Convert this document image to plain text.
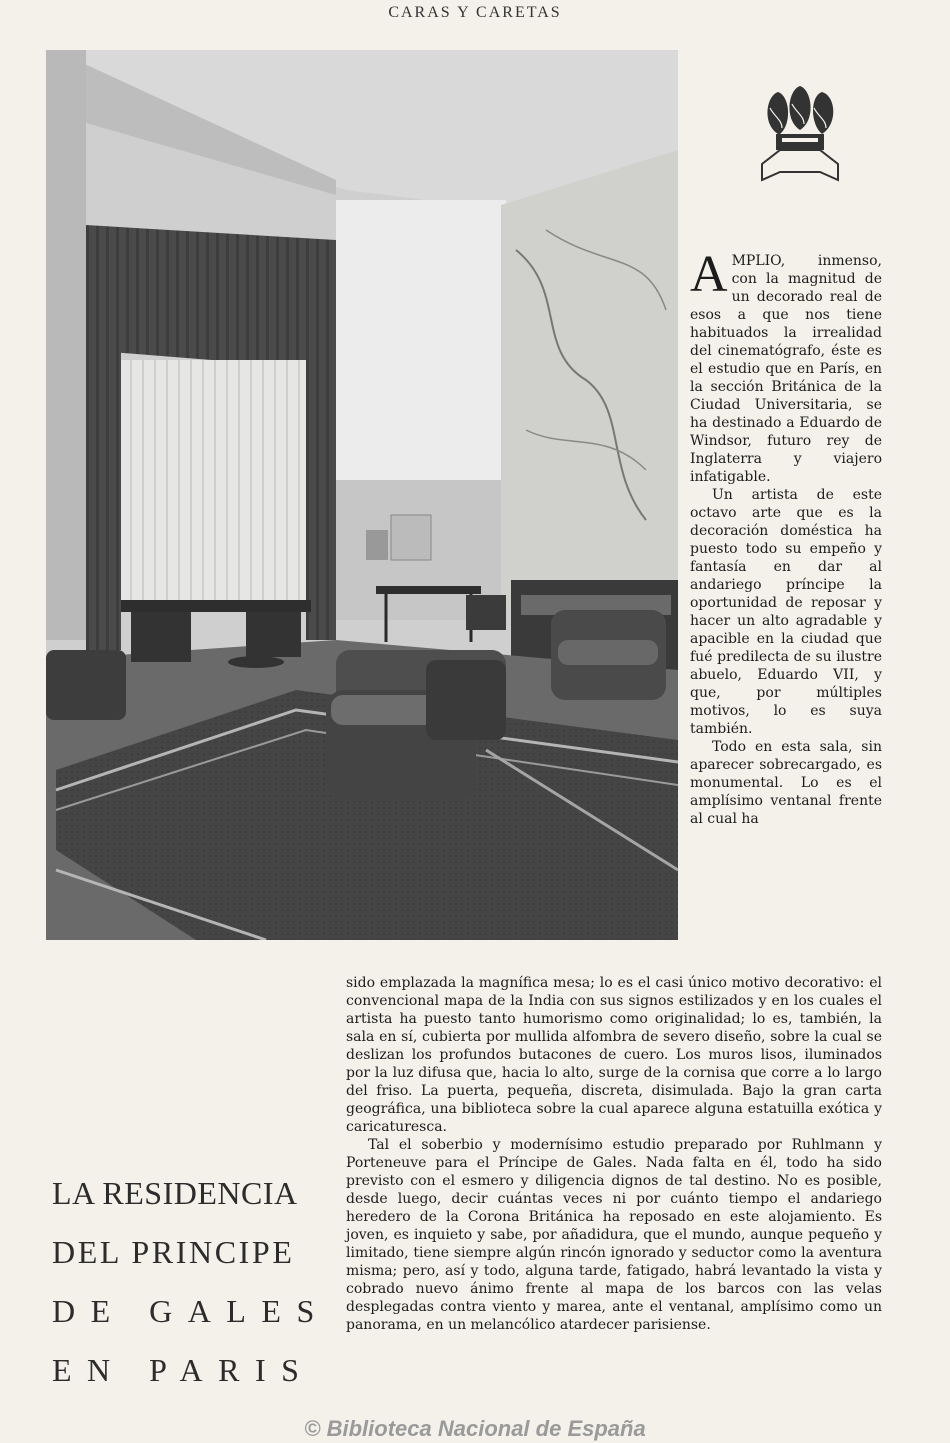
CARAS Y CARETAS

AMPLIO, inmenso, con la magnitud de un decorado real de esos a que nos tiene habituados la irrealidad del cinematógrafo, éste es el estudio que en París, en la sección Británica de la Ciudad Universitaria, se ha destinado a Eduardo de Windsor, futuro rey de Inglaterra y viajero infatigable.

Un artista de este octavo arte que es la decoración doméstica ha puesto todo su empeño y fantasía en dar al andariego príncipe la oportunidad de reposar y hacer un alto agradable y apacible en la ciudad que fué predilecta de su ilustre abuelo, Eduardo VII, y que, por múltiples motivos, lo es suya también.

Todo en esta sala, sin aparecer sobrecargado, es monumental. Lo es el amplísimo ventanal frente al cual ha

sido emplazada la magnífica mesa; lo es el casi único motivo decorativo: el convencional mapa de la India con sus signos estilizados y en los cuales el artista ha puesto tanto humorismo como originalidad; lo es, también, la sala en sí, cubierta por mullida alfombra de severo diseño, sobre la cual se deslizan los profundos butacones de cuero. Los muros lisos, iluminados por la luz difusa que, hacia lo alto, surge de la cornisa que corre a lo largo del friso. La puerta, pequeña, discreta, disimulada. Bajo la gran carta geográfica, una biblioteca sobre la cual aparece alguna estatuilla exótica y caricaturesca.

Tal el soberbio y modernísimo estudio preparado por Ruhlmann y Porteneuve para el Príncipe de Gales. Nada falta en él, todo ha sido previsto con el esmero y diligencia dignos de tal destino. No es posible, desde luego, decir cuántas veces ni por cuánto tiempo el andariego heredero de la Corona Británica ha reposado en este alojamiento. Es joven, es inquieto y sabe, por añadidura, que el mundo, aunque pequeño y limitado, tiene siempre algún rincón ignorado y seductor como la aventura misma; pero, así y todo, alguna tarde, fatigado, habrá levantado la vista y cobrado nuevo ánimo frente al mapa de los barcos con las velas desplegadas contra viento y marea, ante el ventanal, amplísimo como un panorama, en un melancólico atardecer parisiense.

LA RESIDENCIA
DEL PRINCIPE
DE GALES
EN PARIS
© Biblioteca Nacional de España
